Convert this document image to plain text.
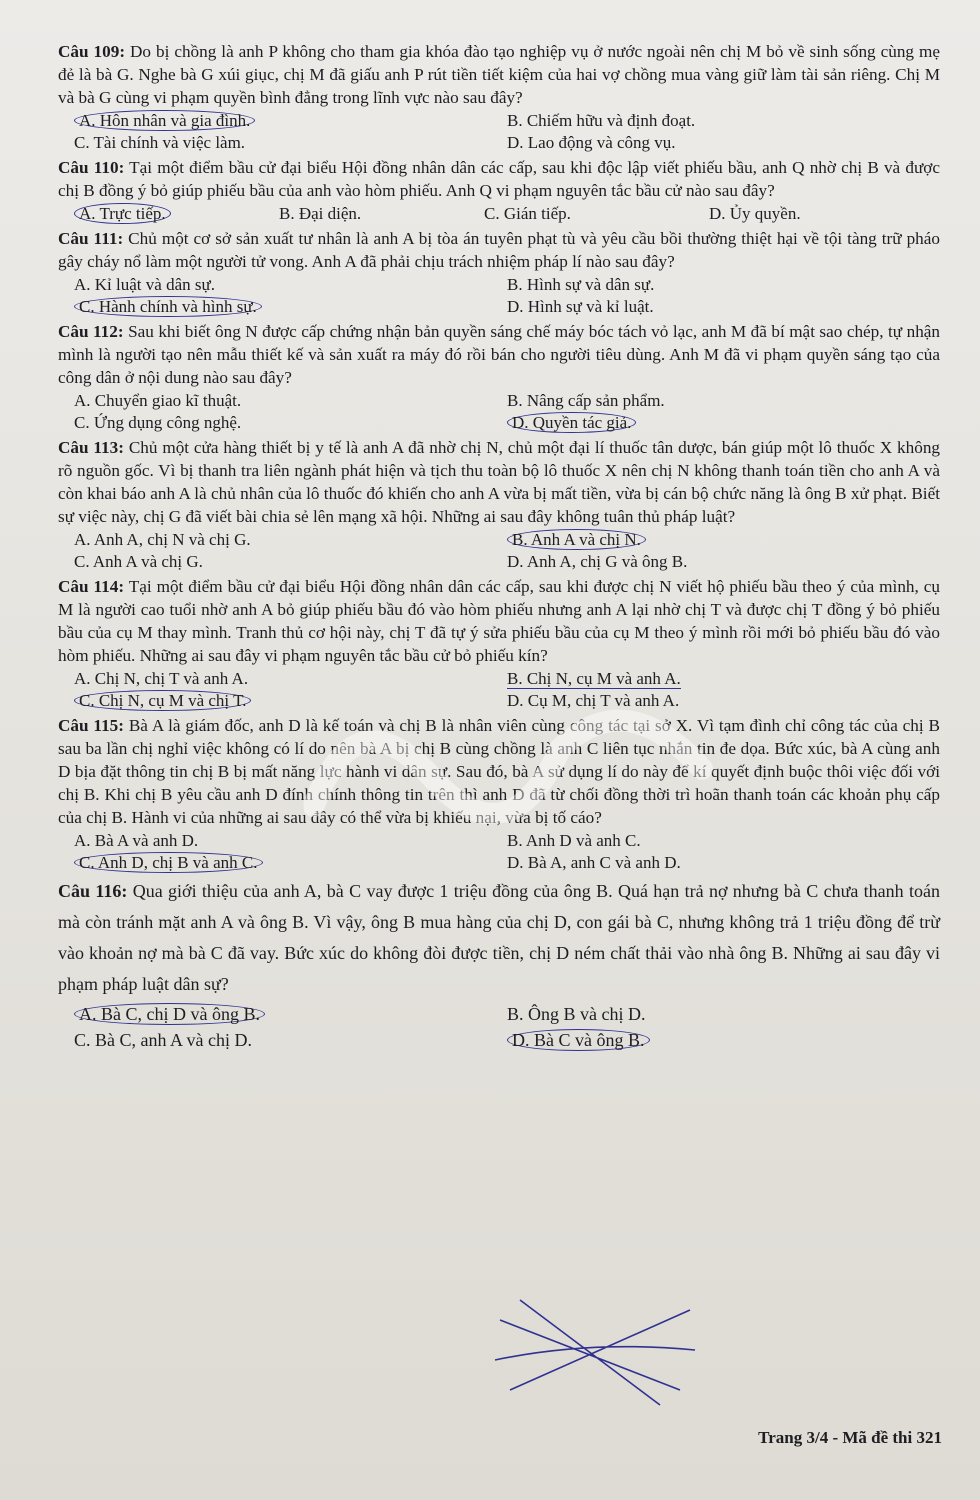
Câu 109: Do bị chồng là anh P không cho tham gia khóa đào tạo nghiệp vụ ở nước ngoài nên chị M bỏ về sinh sống cùng mẹ đẻ là bà G. Nghe bà G xúi giục, chị M đã giấu anh P rút tiền tiết kiệm của hai vợ chồng mua vàng giữ làm tài sản riêng. Chị M và bà G cùng vi phạm quyền bình đẳng trong lĩnh vực nào sau đây?

A. Hôn nhân và gia đình.	B. Chiếm hữu và định đoạt.
C. Tài chính và việc làm.	D. Lao động và công vụ.

Câu 110: Tại một điểm bầu cử đại biểu Hội đồng nhân dân các cấp, sau khi độc lập viết phiếu bầu, anh Q nhờ chị B và được chị B đồng ý bỏ giúp phiếu bầu của anh vào hòm phiếu. Anh Q vi phạm nguyên tắc bầu cử nào sau đây?

A. Trực tiếp.	B. Đại diện.	C. Gián tiếp.	D. Ủy quyền.

Câu 111: Chủ một cơ sở sản xuất tư nhân là anh A bị tòa án tuyên phạt tù và yêu cầu bồi thường thiệt hại về tội tàng trữ pháo gây cháy nổ làm một người tử vong. Anh A đã phải chịu trách nhiệm pháp lí nào sau đây?

A. Kỉ luật và dân sự.	B. Hình sự và dân sự.
C. Hành chính và hình sự.	D. Hình sự và kỉ luật.

Câu 112: Sau khi biết ông N được cấp chứng nhận bản quyền sáng chế máy bóc tách vỏ lạc, anh M đã bí mật sao chép, tự nhận mình là người tạo nên mẫu thiết kế và sản xuất ra máy đó rồi bán cho người tiêu dùng. Anh M đã vi phạm quyền sáng tạo của công dân ở nội dung nào sau đây?

A. Chuyển giao kĩ thuật.	B. Nâng cấp sản phẩm.
C. Ứng dụng công nghệ.	D. Quyền tác giả.

Câu 113: Chủ một cửa hàng thiết bị y tế là anh A đã nhờ chị N, chủ một đại lí thuốc tân dược, bán giúp một lô thuốc X không rõ nguồn gốc. Vì bị thanh tra liên ngành phát hiện và tịch thu toàn bộ lô thuốc X nên chị N không thanh toán tiền cho anh A và còn khai báo anh A là chủ nhân của lô thuốc đó khiến cho anh A vừa bị mất tiền, vừa bị cán bộ chức năng là ông B xử phạt. Biết sự việc này, chị G đã viết bài chia sẻ lên mạng xã hội. Những ai sau đây không tuân thủ pháp luật?

A. Anh A, chị N và chị G.	B. Anh A và chị N.
C. Anh A và chị G.	D. Anh A, chị G và ông B.

Câu 114: Tại một điểm bầu cử đại biểu Hội đồng nhân dân các cấp, sau khi được chị N viết hộ phiếu bầu theo ý của mình, cụ M là người cao tuổi nhờ anh A bỏ giúp phiếu bầu đó vào hòm phiếu nhưng anh A lại nhờ chị T và được chị T đồng ý bỏ phiếu bầu của cụ M thay mình. Tranh thủ cơ hội này, chị T đã tự ý sửa phiếu bầu của cụ M theo ý mình rồi mới bỏ phiếu bầu đó vào hòm phiếu. Những ai sau đây vi phạm nguyên tắc bầu cử bỏ phiếu kín?

A. Chị N, chị T và anh A.	B. Chị N, cụ M và anh A.
C. Chị N, cụ M và chị T.	D. Cụ M, chị T và anh A.

Câu 115: Bà A là giám đốc, anh D là kế toán và chị B là nhân viên cùng công tác tại sở X. Vì tạm đình chỉ công tác của chị B sau ba lần chị nghỉ việc không có lí do nên bà A bị chị B cùng chồng là anh C liên tục nhắn tin đe dọa. Bức xúc, bà A cùng anh D bịa đặt thông tin chị B bị mất năng lực hành vi dân sự. Sau đó, bà A sử dụng lí do này để kí quyết định buộc thôi việc đối với chị B. Khi chị B yêu cầu anh D đính chính thông tin trên thì anh D đã từ chối đồng thời trì hoãn thanh toán các khoản phụ cấp của chị B. Hành vi của những ai sau đây có thể vừa bị khiếu nại, vừa bị tố cáo?

A. Bà A và anh D.	B. Anh D và anh C.
C. Anh D, chị B và anh C.	D. Bà A, anh C và anh D.

Câu 116: Qua giới thiệu của anh A, bà C vay được 1 triệu đồng của ông B. Quá hạn trả nợ nhưng bà C chưa thanh toán mà còn tránh mặt anh A và ông B. Vì vậy, ông B mua hàng của chị D, con gái bà C, nhưng không trả 1 triệu đồng để trừ vào khoản nợ mà bà C đã vay. Bức xúc do không đòi được tiền, chị D ném chất thải vào nhà ông B. Những ai sau đây vi phạm pháp luật dân sự?

A. Bà C, chị D và ông B.	B. Ông B và chị D.
C. Bà C, anh A và chị D.	D. Bà C và ông B.
Trang 3/4 - Mã đề thi 321
